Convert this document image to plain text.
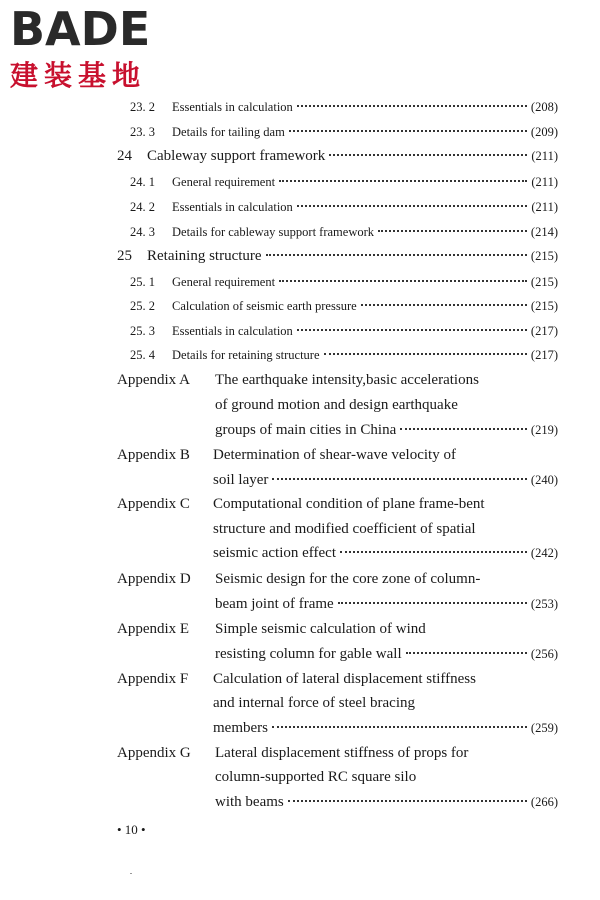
BADE
建装基地
23. 2	Essentials in calculation	(208)
23. 3	Details for tailing dam	(209)
24	Cableway support framework	(211)
24. 1	General requirement	(211)
24. 2	Essentials in calculation	(211)
24. 3	Details for cableway support framework	(214)
25	Retaining structure	(215)
25. 1	General requirement	(215)
25. 2	Calculation of seismic earth pressure	(215)
25. 3	Essentials in calculation	(217)
25. 4	Details for retaining structure	(217)
Appendix A The earthquake intensity,basic accelerations
of ground motion and design earthquake
groups of main cities in China	(219)
Appendix B Determination of shear-wave velocity of
soil layer	(240)
Appendix C Computational condition of plane frame-bent
structure and modified coefficient of spatial
seismic action effect	(242)
Appendix D Seismic design for the core zone of column-
beam joint of frame	(253)
Appendix E Simple seismic calculation of wind
resisting column for gable wall	(256)
Appendix F Calculation of lateral displacement stiffness
and internal force of steel bracing
members	(259)
Appendix G Lateral displacement stiffness of props for
column-supported RC square silo
with beams	(266)
• 10 •
